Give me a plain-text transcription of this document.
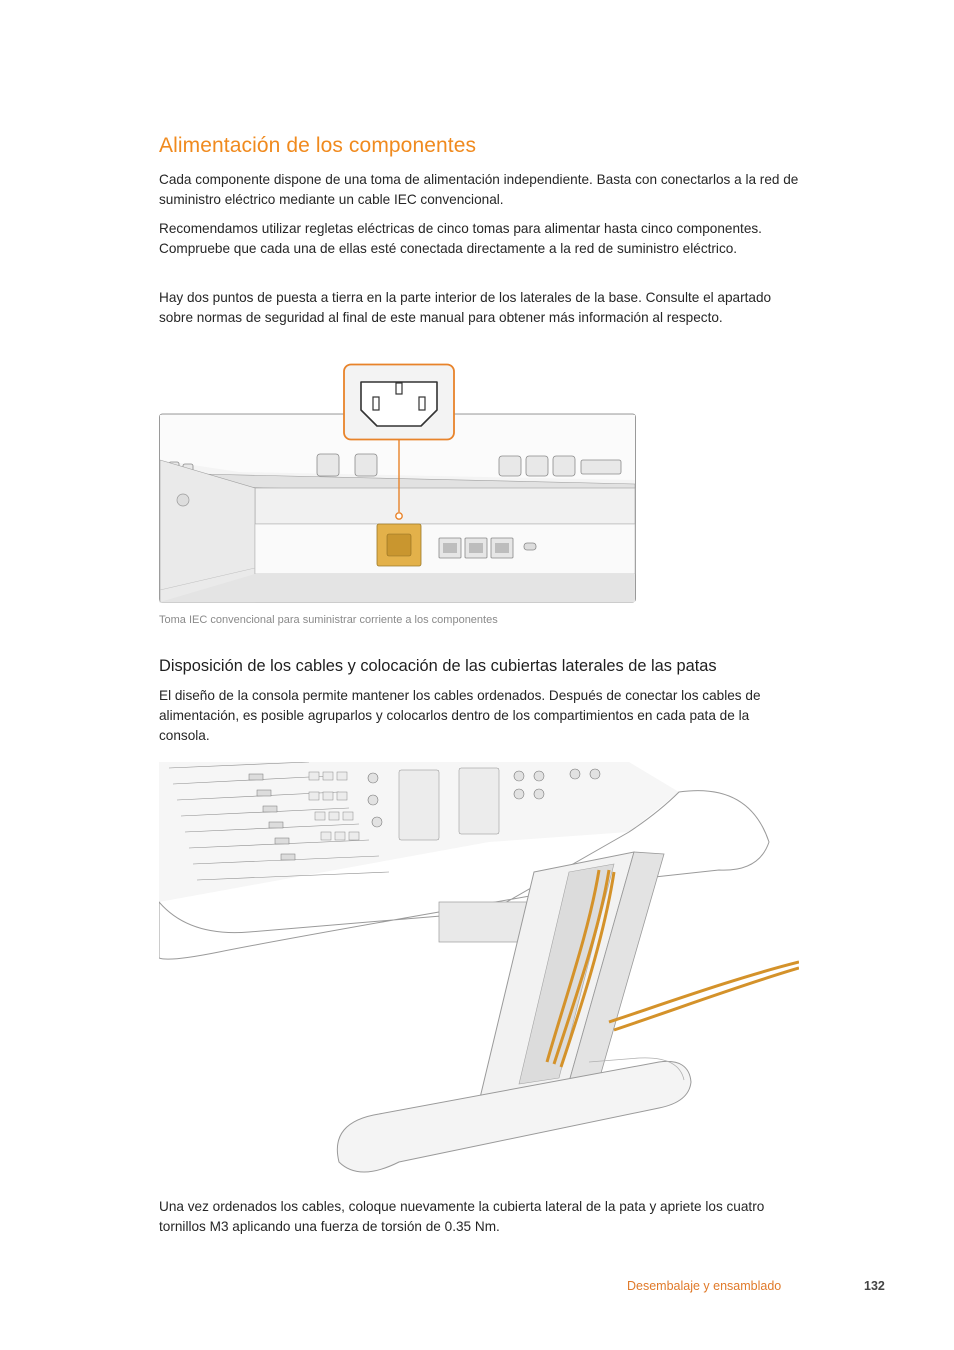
Alimentación de los componentes

Cada componente dispone de una toma de alimentación independiente. Basta con conectarlos a la red de suministro eléctrico mediante un cable IEC convencional.

Recomendamos utilizar regletas eléctricas de cinco tomas para alimentar hasta cinco componentes. Compruebe que cada una de ellas esté conectada directamente a la red de suministro eléctrico.

Hay dos puntos de puesta a tierra en la parte interior de los laterales de la base. Consulte el apartado sobre normas de seguridad al final de este manual para obtener más información al respecto.

Toma IEC convencional para suministrar corriente a los componentes
Disposición de los cables y colocación de las cubiertas laterales de las patas

El diseño de la consola permite mantener los cables ordenados. Después de conectar los cables de alimentación, es posible agruparlos y colocarlos dentro de los compartimientos en cada pata de la consola.

Una vez ordenados los cables, coloque nuevamente la cubierta lateral de la pata y apriete los cuatro tornillos M3 aplicando una fuerza de torsión de 0.35 Nm.

Desembalaje y ensamblado	132
